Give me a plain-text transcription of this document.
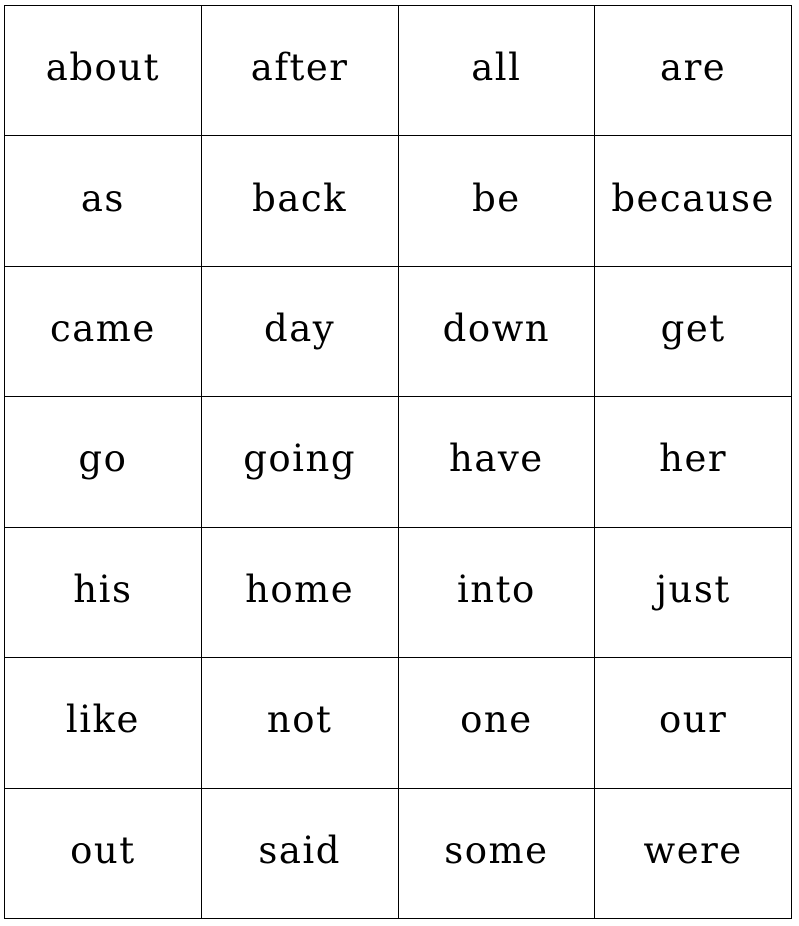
about	after	all	are
as	back	be	because
came	day	down	get
go	going	have	her
his	home	into	just
like	not	one	our
out	said	some	were
